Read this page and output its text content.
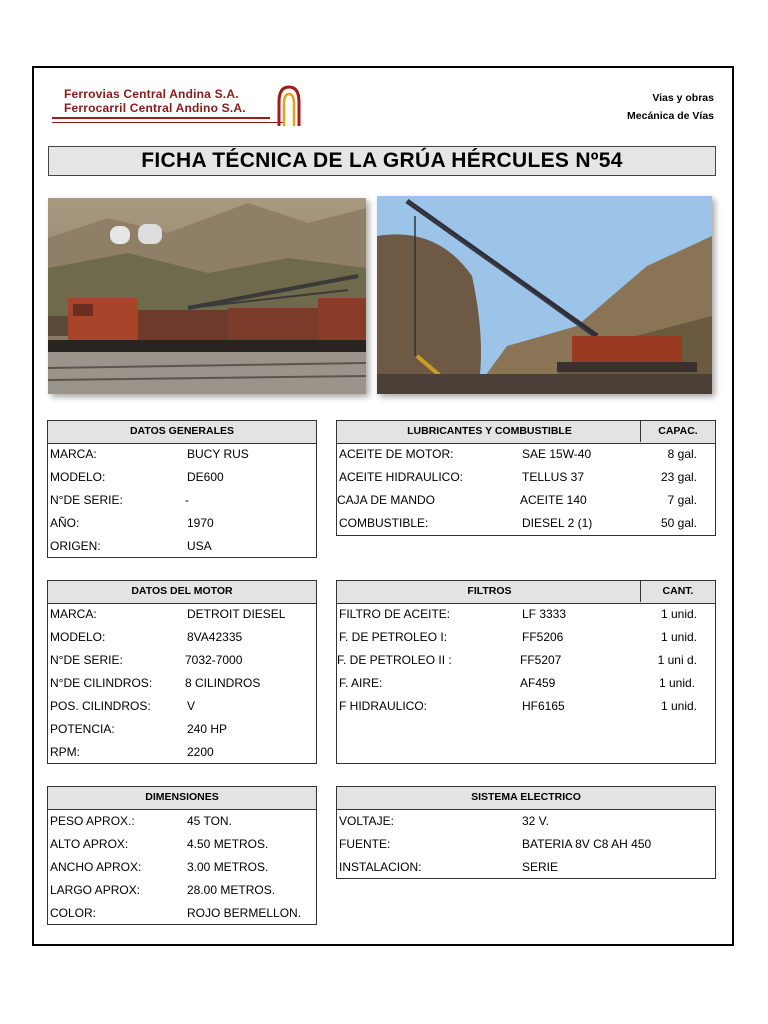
Ferrovias Central Andina S.A.
Ferrocarril Central Andino S.A.
Vias y obras
Mecánica de Vías
FICHA TÉCNICA DE LA GRÚA HÉRCULES Nº54
DATOS GENERALES
MARCA:	BUCY RUS
MODELO:	DE600
N°DE SERIE:	-
AÑO:	1970
ORIGEN:	USA
LUBRICANTES Y COMBUSTIBLE	CAPAC.
ACEITE DE MOTOR:	SAE 15W-40	8 gal.
ACEITE HIDRAULICO:	TELLUS 37	23 gal.
CAJA DE MANDO	ACEITE 140	7 gal.
COMBUSTIBLE:	DIESEL 2 (1)	50 gal.
DATOS DEL MOTOR
MARCA:	DETROIT DIESEL
MODELO:	8VA42335
N°DE SERIE:	7032-7000
N°DE CILINDROS:	8 CILINDROS
POS. CILINDROS:	V
POTENCIA:	240 HP
RPM:	2200
FILTROS	CANT.
FILTRO DE ACEITE:	LF 3333	1 unid.
F. DE PETROLEO I:	FF5206	1 unid.
F. DE PETROLEO II :	FF5207	1 uni d.
F. AIRE:	AF459	1 unid.
F HIDRAULICO:	HF6165	1 unid.
DIMENSIONES
PESO APROX.:	45 TON.
ALTO APROX:	4.50 METROS.
ANCHO APROX:	3.00 METROS.
LARGO APROX:	28.00 METROS.
COLOR:	ROJO BERMELLON.
SISTEMA ELECTRICO
VOLTAJE:	32 V.
FUENTE:	BATERIA 8V C8 AH 450
INSTALACION:	SERIE
